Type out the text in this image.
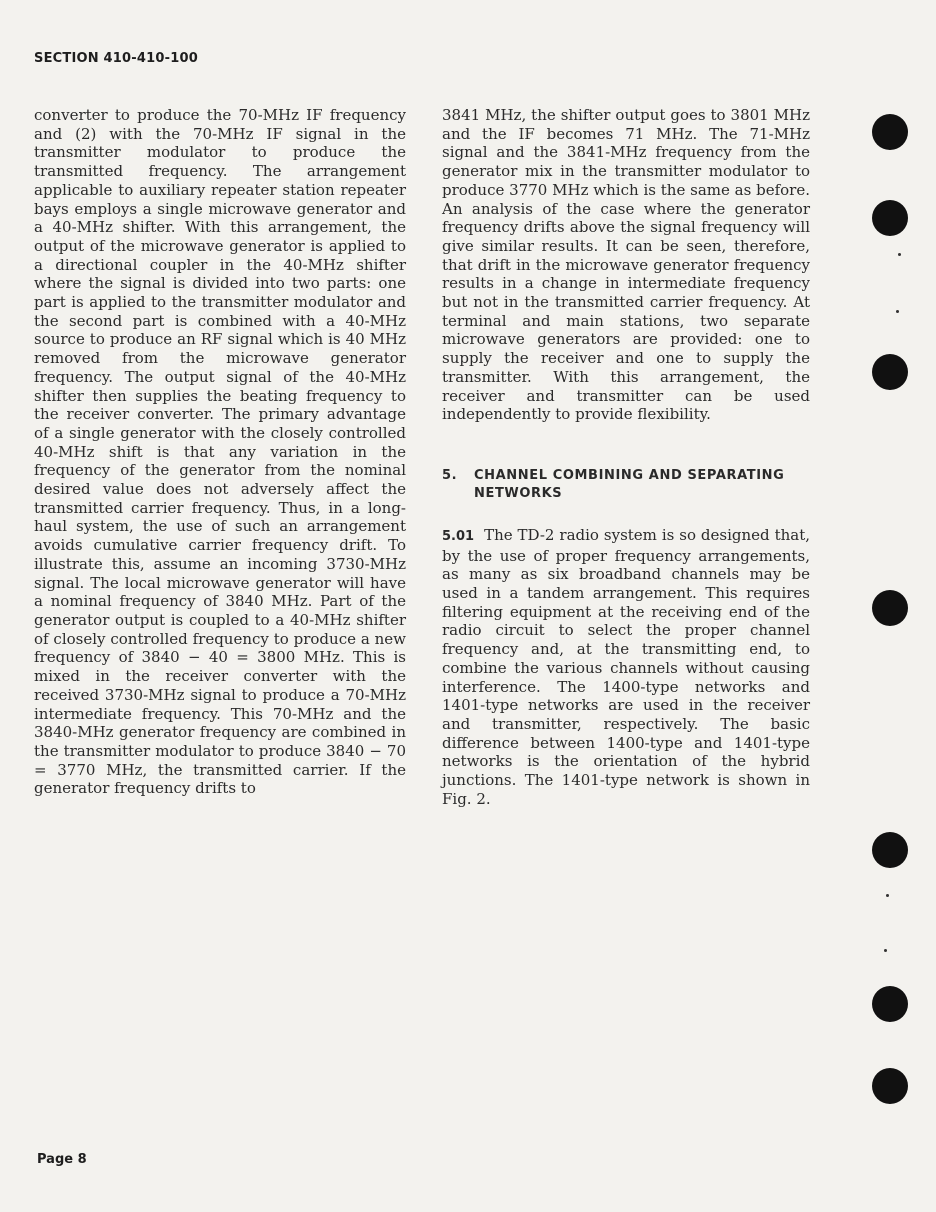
SECTION 410-410-100

converter to produce the 70-MHz IF frequency and (2) with the 70-MHz IF signal in the transmitter modulator to produce the transmitted frequency. The arrangement applicable to auxiliary repeater station repeater bays employs a single microwave generator and a 40-MHz shifter. With this arrangement, the output of the microwave generator is applied to a directional coupler in the 40-MHz shifter where the signal is divided into two parts: one part is applied to the transmitter modulator and the second part is combined with a 40-MHz source to produce an RF signal which is 40 MHz removed from the microwave generator frequency. The output signal of the 40-MHz shifter then supplies the beating frequency to the receiver converter. The primary advantage of a single generator with the closely controlled 40-MHz shift is that any variation in the frequency of the generator from the nominal desired value does not adversely affect the transmitted carrier frequency. Thus, in a long-haul system, the use of such an arrangement avoids cumulative carrier frequency drift. To illustrate this, assume an incoming 3730-MHz signal. The local microwave generator will have a nominal frequency of 3840 MHz. Part of the generator output is coupled to a 40-MHz shifter of closely controlled frequency to produce a new frequency of 3840 − 40 = 3800 MHz. This is mixed in the receiver converter with the received 3730-MHz signal to produce a 70-MHz intermediate frequency. This 70-MHz and the 3840-MHz generator frequency are combined in the transmitter modulator to produce 3840 − 70 = 3770 MHz, the transmitted carrier. If the generator frequency drifts to

3841 MHz, the shifter output goes to 3801 MHz and the IF becomes 71 MHz. The 71-MHz signal and the 3841-MHz frequency from the generator mix in the transmitter modulator to produce 3770 MHz which is the same as before. An analysis of the case where the generator frequency drifts above the signal frequency will give similar results. It can be seen, therefore, that drift in the microwave generator frequency results in a change in intermediate frequency but not in the transmitted carrier frequency. At terminal and main stations, two separate microwave generators are provided: one to supply the receiver and one to supply the transmitter. With this arrangement, the receiver and transmitter can be used independently to provide flexibility.

5.	CHANNEL COMBINING AND SEPARATING NETWORKS

5.01 The TD-2 radio system is so designed that, by the use of proper frequency arrangements, as many as six broadband channels may be used in a tandem arrangement. This requires filtering equipment at the receiving end of the radio circuit to select the proper channel frequency and, at the transmitting end, to combine the various channels without causing interference. The 1400-type networks and 1401-type networks are used in the receiver and transmitter, respectively. The basic difference between 1400-type and 1401-type networks is the orientation of the hybrid junctions. The 1401-type network is shown in Fig. 2.

Page 8
